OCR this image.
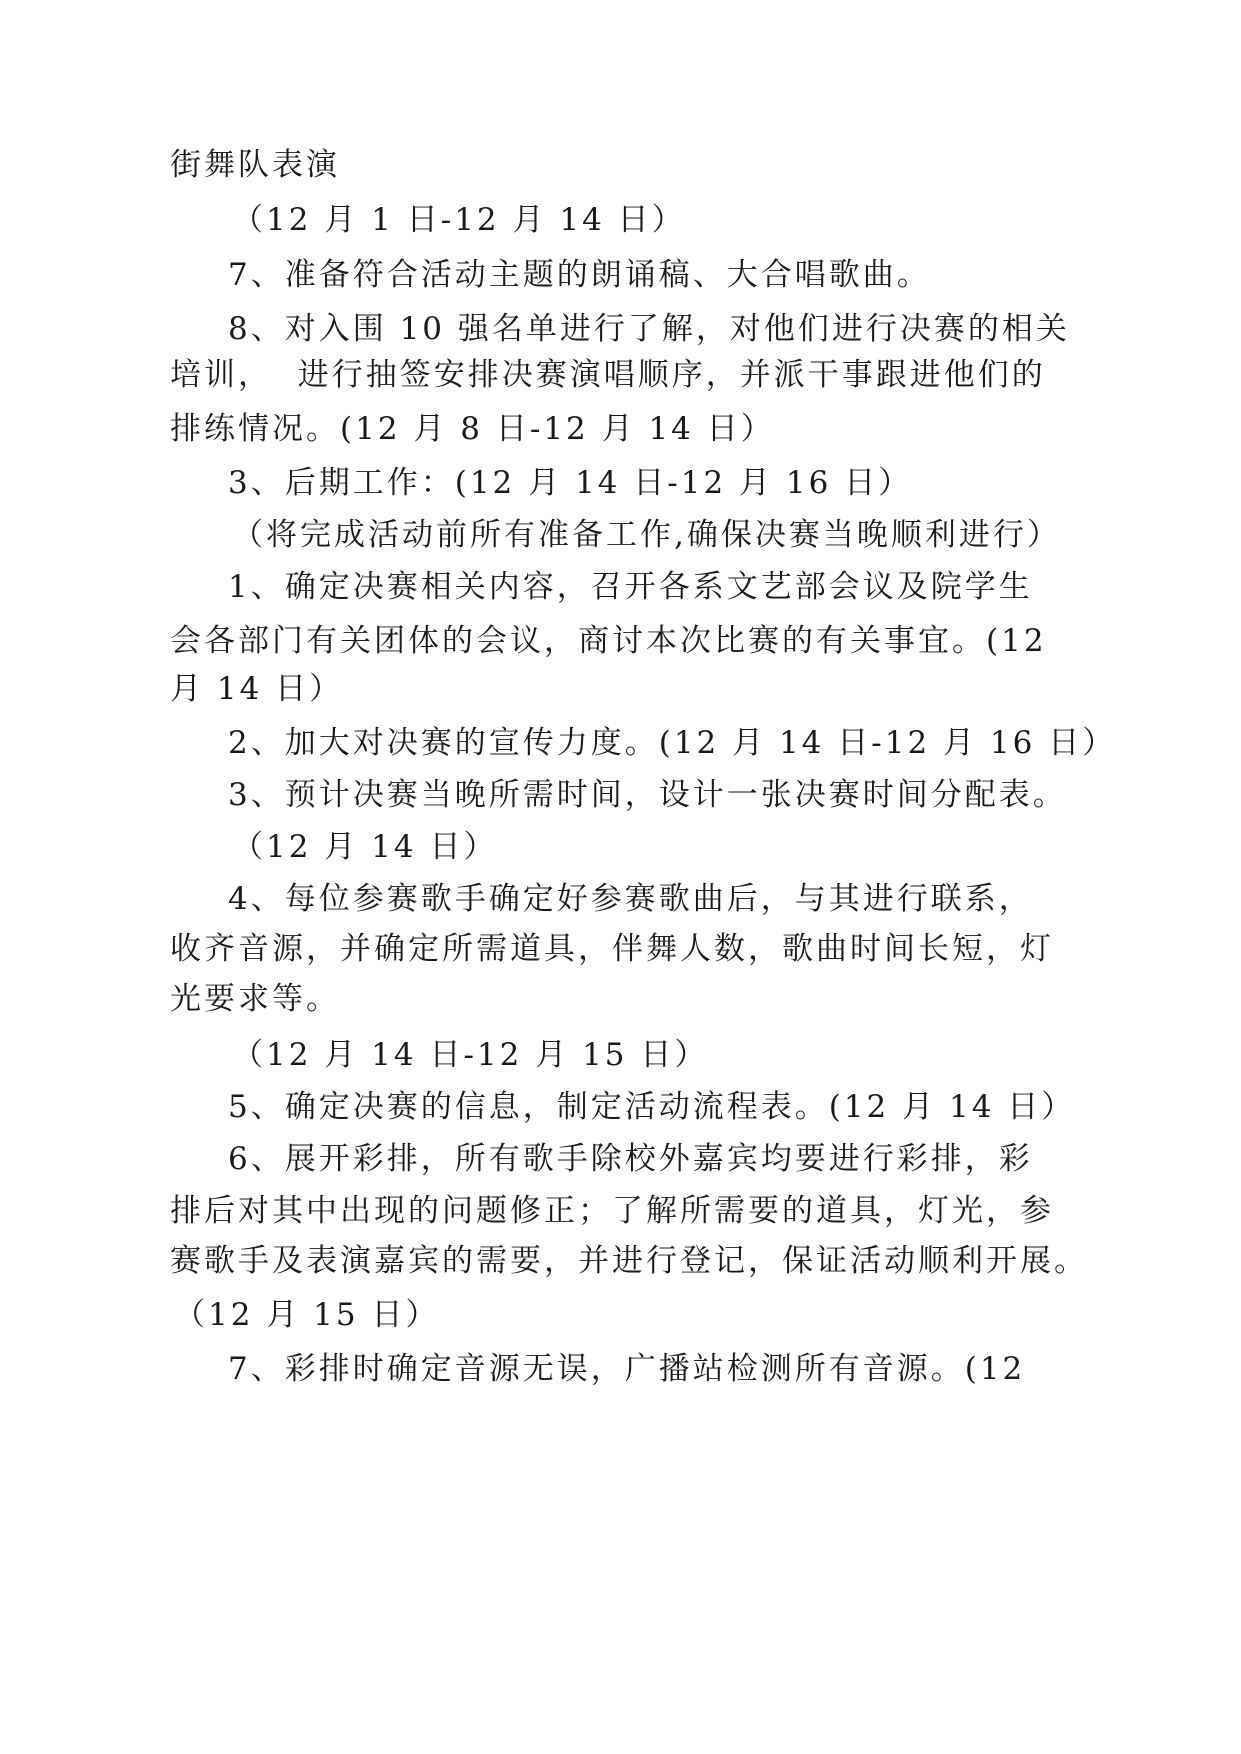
街舞队表演
（12 月 1 日-12 月 14 日）
7、准备符合活动主题的朗诵稿、大合唱歌曲。
8、对入围 10 强名单进行了解，对他们进行决赛的相关
培训，  进行抽签安排决赛演唱顺序，并派干事跟进他们的
排练情况。(12 月 8 日-12 月 14 日）
3、后期工作：(12 月 14 日-12 月 16 日）
（将完成活动前所有准备工作,确保决赛当晚顺利进行）
1、确定决赛相关内容，召开各系文艺部会议及院学生
会各部门有关团体的会议，商讨本次比赛的有关事宜。(12
月 14 日）
2、加大对决赛的宣传力度。(12 月 14 日-12 月 16 日）
3、预计决赛当晚所需时间，设计一张决赛时间分配表。
（12 月 14 日）
4、每位参赛歌手确定好参赛歌曲后，与其进行联系，
收齐音源，并确定所需道具，伴舞人数，歌曲时间长短，灯
光要求等。
（12 月 14 日-12 月 15 日）
5、确定决赛的信息，制定活动流程表。(12 月 14 日）
6、展开彩排，所有歌手除校外嘉宾均要进行彩排，彩
排后对其中出现的问题修正；了解所需要的道具，灯光，参
赛歌手及表演嘉宾的需要，并进行登记，保证活动顺利开展。
（12 月 15 日）
7、彩排时确定音源无误，广播站检测所有音源。(12
